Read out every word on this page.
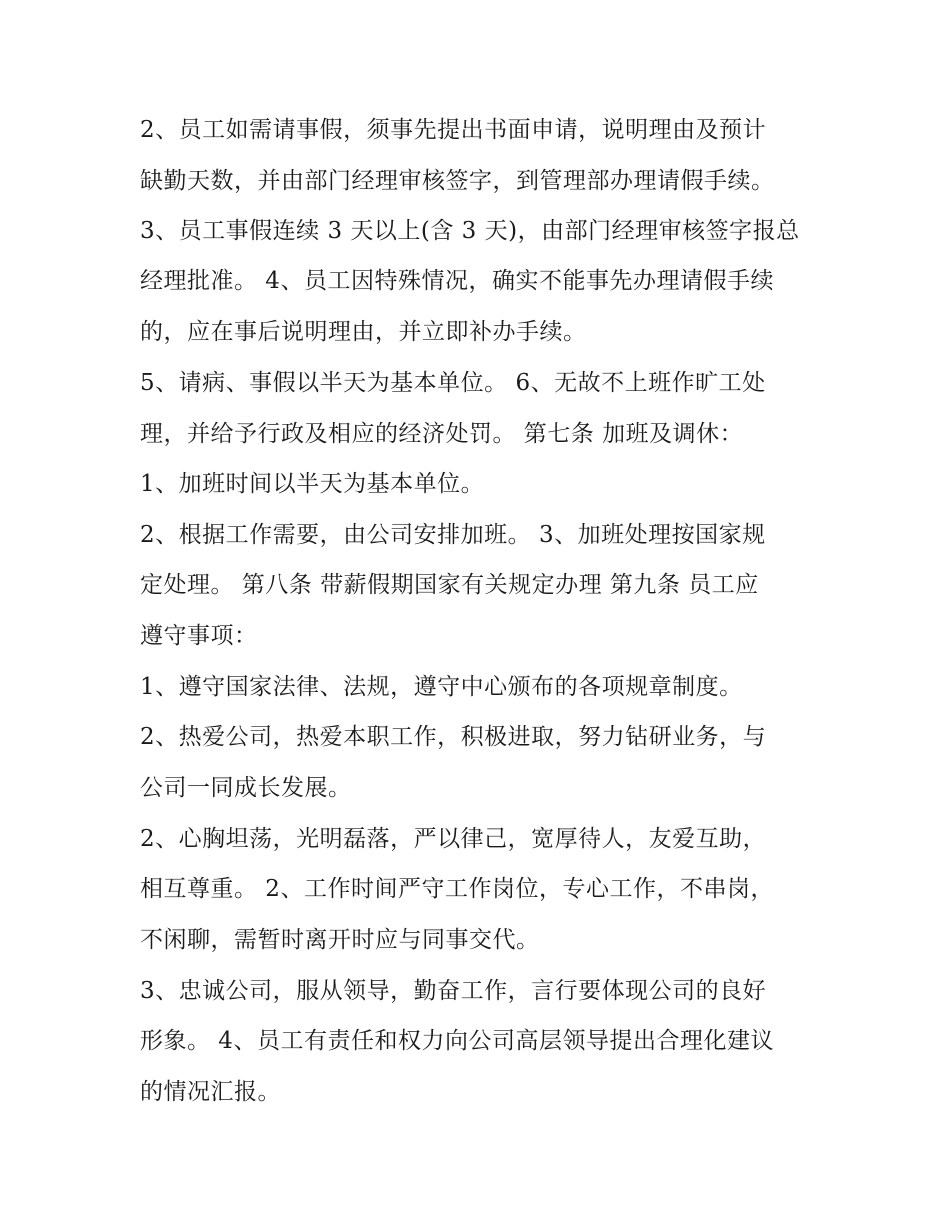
2、员工如需请事假，须事先提出书面申请，说明理由及预计

缺勤天数，并由部门经理审核签字，到管理部办理请假手续。

3、员工事假连续 3 天以上(含 3 天)，由部门经理审核签字报总

经理批准。 4、员工因特殊情况，确实不能事先办理请假手续

的，应在事后说明理由，并立即补办手续。

5、请病、事假以半天为基本单位。 6、无故不上班作旷工处

理，并给予行政及相应的经济处罚。 第七条 加班及调休：

1、加班时间以半天为基本单位。

2、根据工作需要，由公司安排加班。 3、加班处理按国家规

定处理。 第八条 带薪假期国家有关规定办理 第九条 员工应

遵守事项：

1、遵守国家法律、法规，遵守中心颁布的各项规章制度。

2、热爱公司，热爱本职工作，积极进取，努力钻研业务，与

公司一同成长发展。

2、心胸坦荡，光明磊落，严以律己，宽厚待人，友爱互助，

相互尊重。 2、工作时间严守工作岗位，专心工作，不串岗，

不闲聊，需暂时离开时应与同事交代。

3、忠诚公司，服从领导，勤奋工作，言行要体现公司的良好

形象。 4、员工有责任和权力向公司高层领导提出合理化建议

的情况汇报。
